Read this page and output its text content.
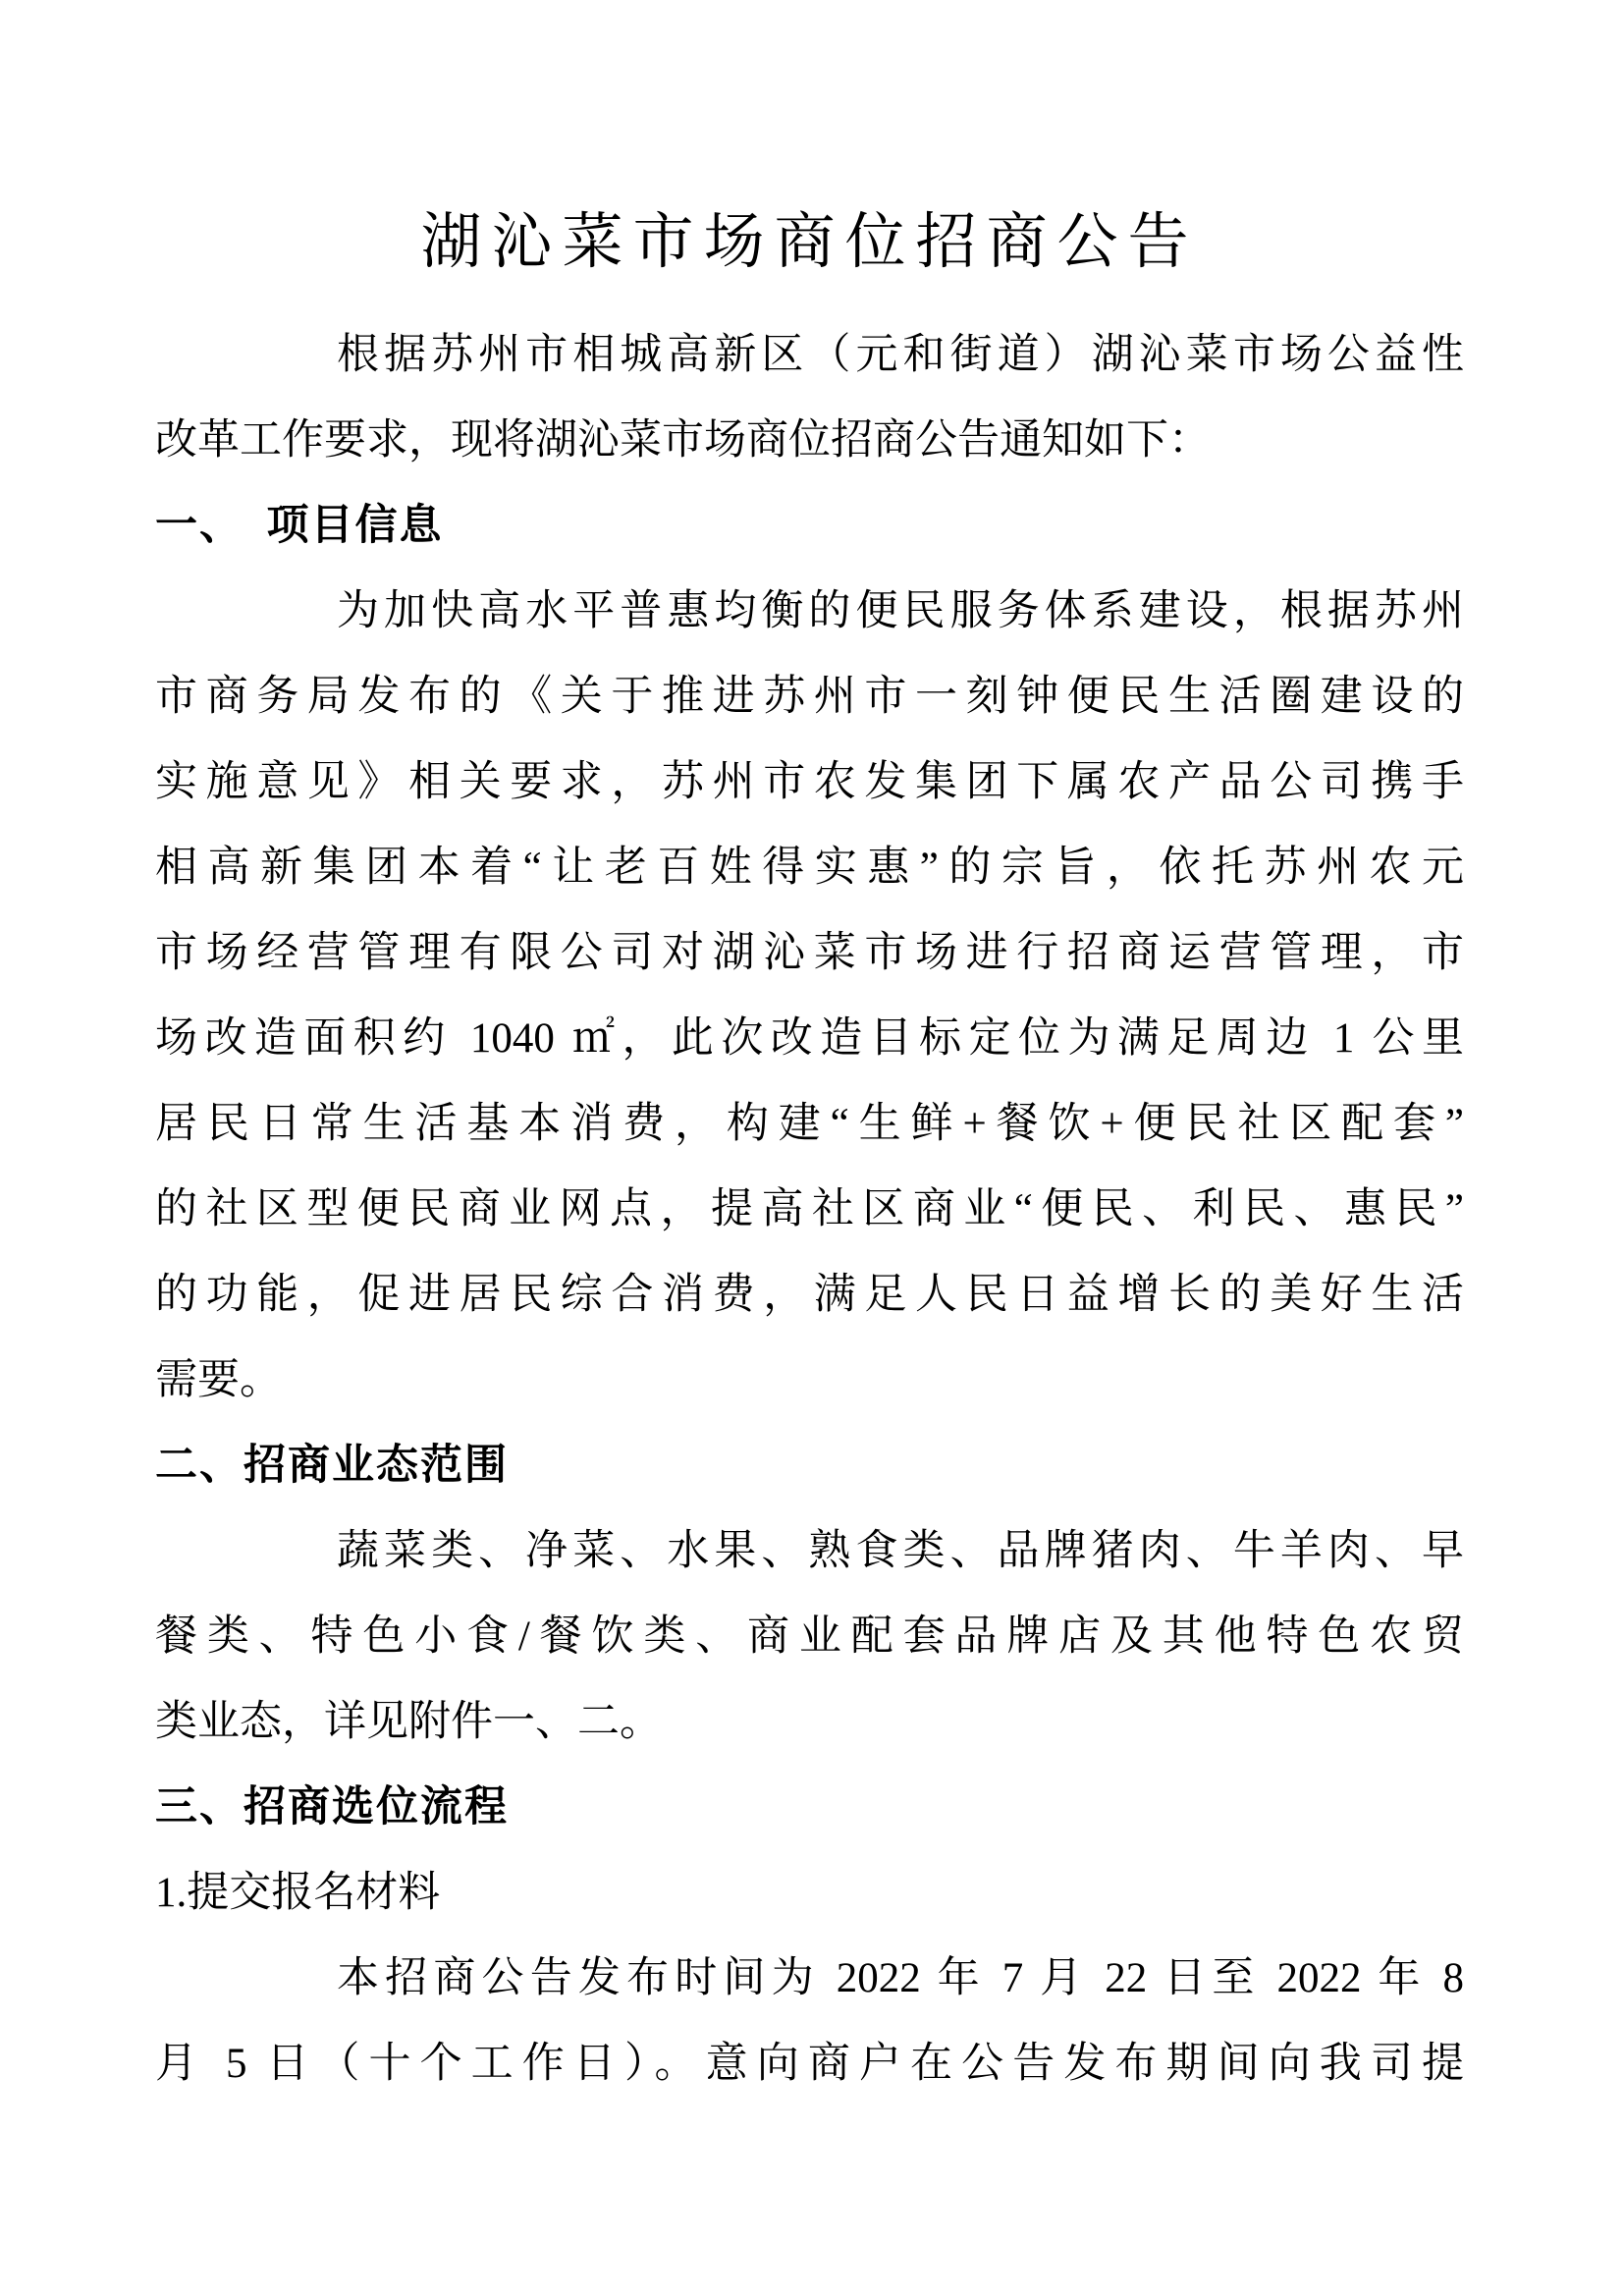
湖沁菜市场商位招商公告
根据苏州市相城高新区（元和街道）湖沁菜市场公益性
改革工作要求，现将湖沁菜市场商位招商公告通知如下：
一、　项目信息
为加快高水平普惠均衡的便民服务体系建设，根据苏州
市商务局发布的《关于推进苏州市一刻钟便民生活圈建设的
实施意见》相关要求，苏州市农发集团下属农产品公司携手
相高新集团本着“让老百姓得实惠”的宗旨，依托苏州农元
市场经营管理有限公司对湖沁菜市场进行招商运营管理，市
场改造面积约 1040 ㎡，此次改造目标定位为满足周边 1 公里
居民日常生活基本消费，构建“生鲜+餐饮+便民社区配套”
的社区型便民商业网点，提高社区商业“便民、利民、惠民”
的功能，促进居民综合消费，满足人民日益增长的美好生活
需要。
二、招商业态范围
蔬菜类、净菜、水果、熟食类、品牌猪肉、牛羊肉、早
餐类、特色小食/餐饮类、商业配套品牌店及其他特色农贸
类业态，详见附件一、二。
三、招商选位流程
1.提交报名材料
本招商公告发布时间为 2022 年 7 月 22 日至 2022 年 8
月 5 日（十个工作日）。意向商户在公告发布期间向我司提
